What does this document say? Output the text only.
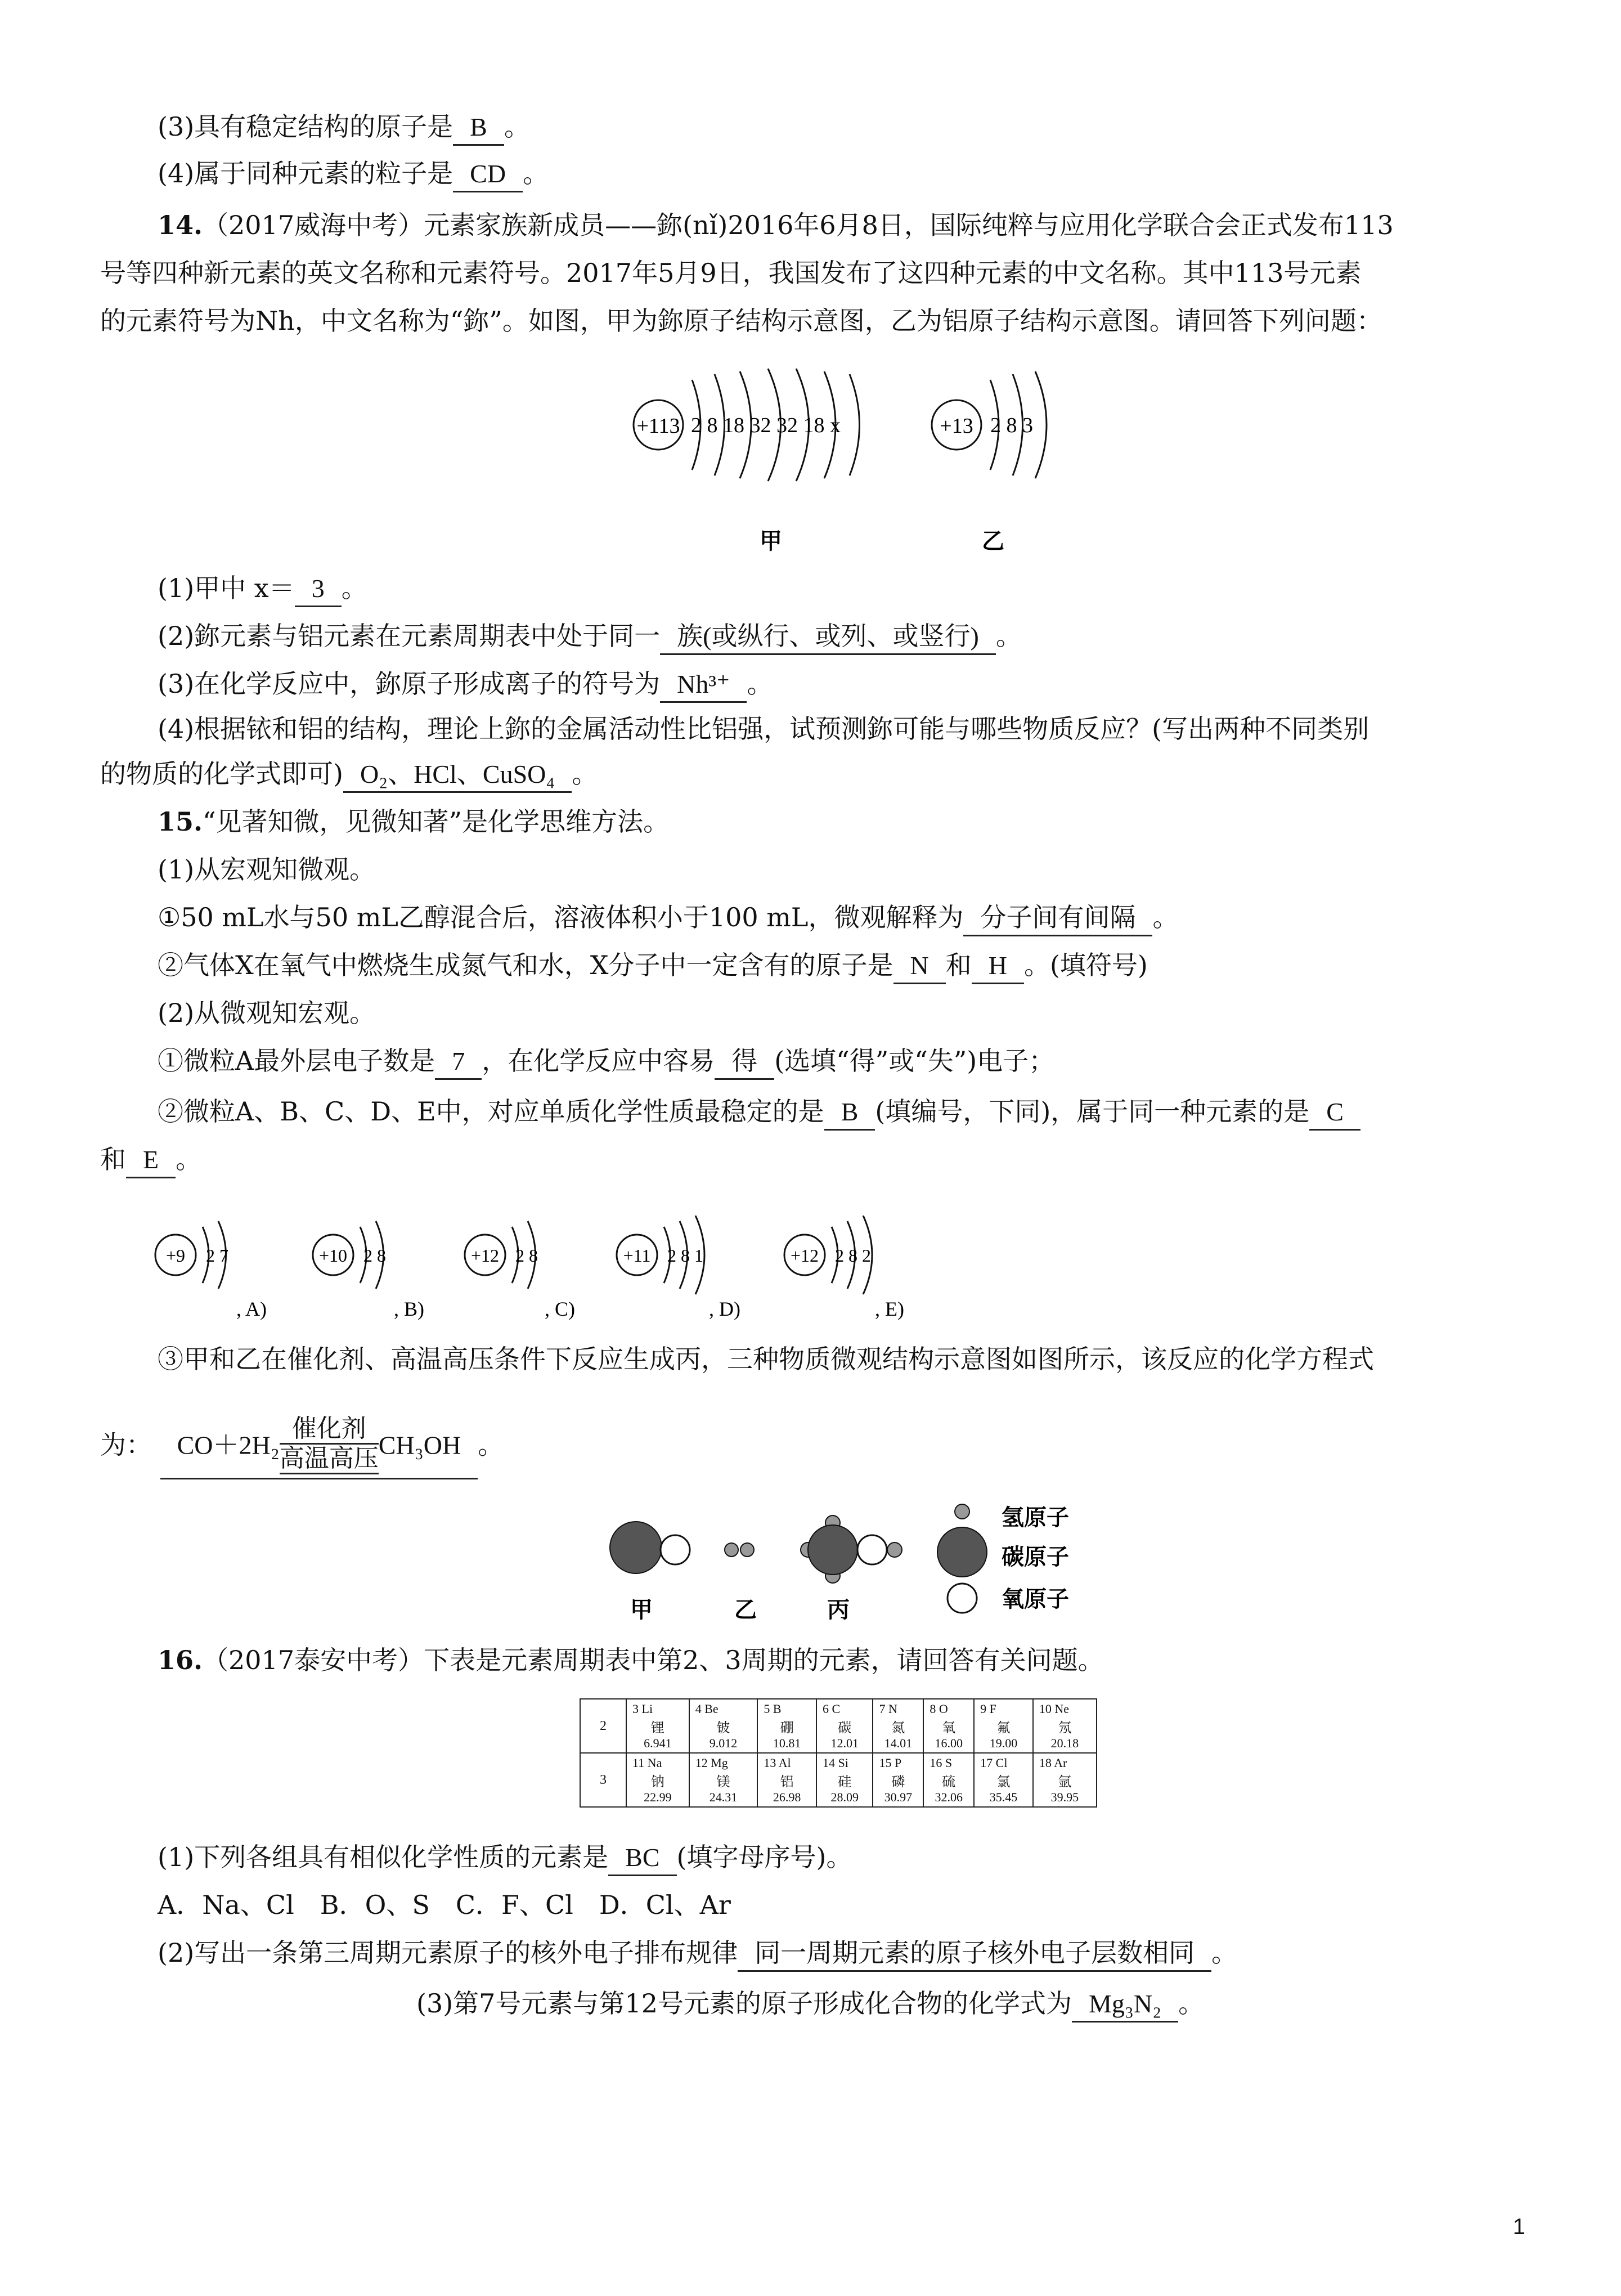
(3)具有稳定结构的原子是 B 。
(4)属于同种元素的粒子是 CD 。
14.（2017威海中考）元素家族新成员——鉨(nǐ)2016年6月8日，国际纯粹与应用化学联合会正式发布113
号等四种新元素的英文名称和元素符号。2017年5月9日，我国发布了这四种元素的中文名称。其中113号元素
的元素符号为Nh，中文名称为“鉨”。如图，甲为鉨原子结构示意图，乙为铝原子结构示意图。请回答下列问题：
+113 2 8 18 32 32 18 x
甲
+13 2 8 3
乙
(1)甲中 x＝ 3 。
(2)鉨元素与铝元素在元素周期表中处于同一 族(或纵行、或列、或竖行) 。
(3)在化学反应中，鉨原子形成离子的符号为 Nh³⁺ 。
(4)根据铱和铝的结构，理论上鉨的金属活动性比铝强，试预测鉨可能与哪些物质反应？(写出两种不同类别
的物质的化学式即可) O₂、HCl、CuSO₄ 。
15.“见著知微，见微知著”是化学思维方法。
(1)从宏观知微观。
①50 mL水与50 mL乙醇混合后，溶液体积小于100 mL，微观解释为 分子间有间隔 。
②气体X在氧气中燃烧生成氮气和水，X分子中一定含有的原子是 N 和 H 。(填符号)
(2)从微观知宏观。
①微粒A最外层电子数是 7 ，在化学反应中容易 得 (选填“得”或“失”)电子；
②微粒A、B、C、D、E中，对应单质化学性质最稳定的是 B (填编号，下同)，属于同一种元素的是 C
和 E 。
+9 2 7
, A)
+10 2 8
, B)
+12 2 8
, C)
+11 2 8 1
, D)
+12 2 8 2
, E)
③甲和乙在催化剂、高温高压条件下反应生成丙，三种物质微观结构示意图如图所示，该反应的化学方程式
为： CO＋2H₂
催化剂
高温高压 CH₃OH 。
甲	乙	丙
氢原子
碳原子
氧原子
16.（2017泰安中考）下表是元素周期表中第2、3周期的元素，请回答有关问题。
2	3 Li
锂
6.941	4 Be
铍
9.012	5 B
硼
10.81	6 C
碳
12.01	7 N
氮
14.01	8 O
氧
16.00	9 F
氟
19.00	10 Ne
氖
20.18

3	11 Na
钠
22.99	12 Mg
镁
24.31	13 Al
铝
26.98	14 Si
硅
28.09	15 P
磷
30.97	16 S
硫
32.06	17 Cl
氯
35.45	18 Ar
氩
39.95
(1)下列各组具有相似化学性质的元素是 BC (填字母序号)。
A．Na、Cl　B．O、S　C．F、Cl　D．Cl、Ar
(2)写出一条第三周期元素原子的核外电子排布规律 同一周期元素的原子核外电子层数相同 。
(3)第7号元素与第12号元素的原子形成化合物的化学式为 Mg₃N₂ 。
1
